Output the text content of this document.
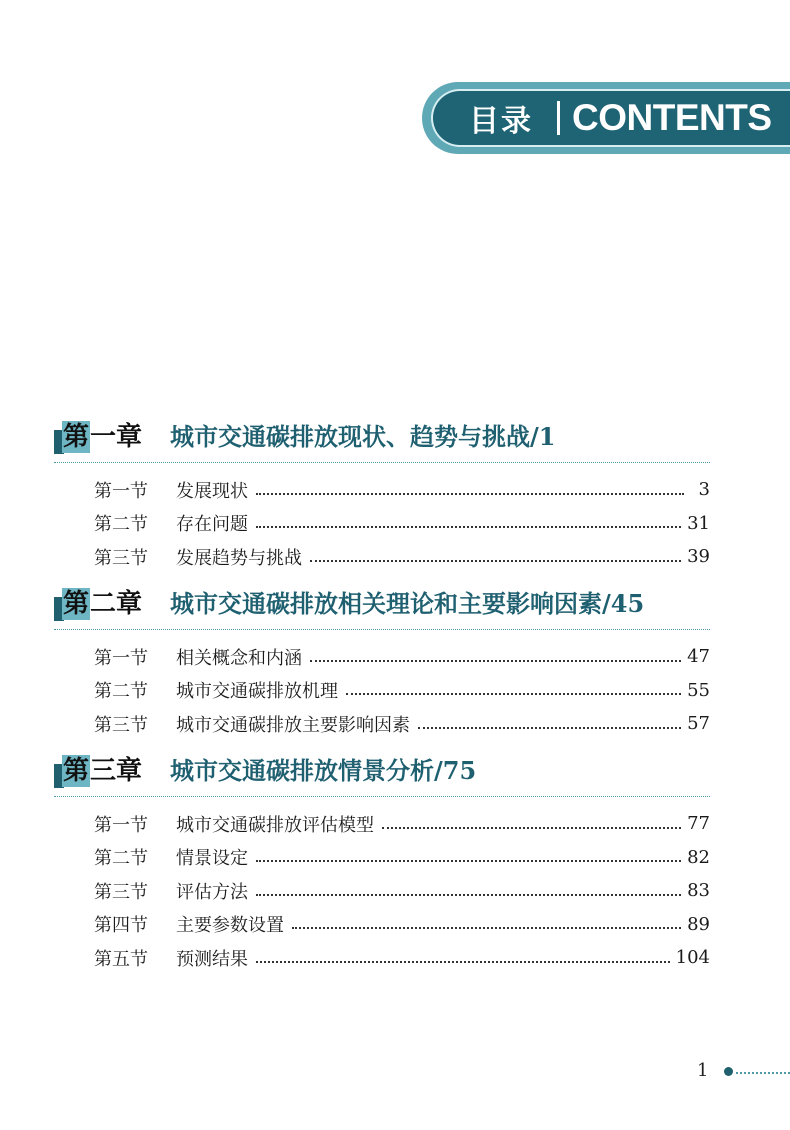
目录 CONTENTS
第 一章 城市交通碳排放现状、趋势与挑战/1
第一节	发展现状	3
第二节	存在问题	31
第三节	发展趋势与挑战	39
第 二章 城市交通碳排放相关理论和主要影响因素/45
第一节	相关概念和内涵	47
第二节	城市交通碳排放机理	55
第三节	城市交通碳排放主要影响因素	57
第 三章 城市交通碳排放情景分析/75
第一节	城市交通碳排放评估模型	77
第二节	情景设定	82
第三节	评估方法	83
第四节	主要参数设置	89
第五节	预测结果	104
1
